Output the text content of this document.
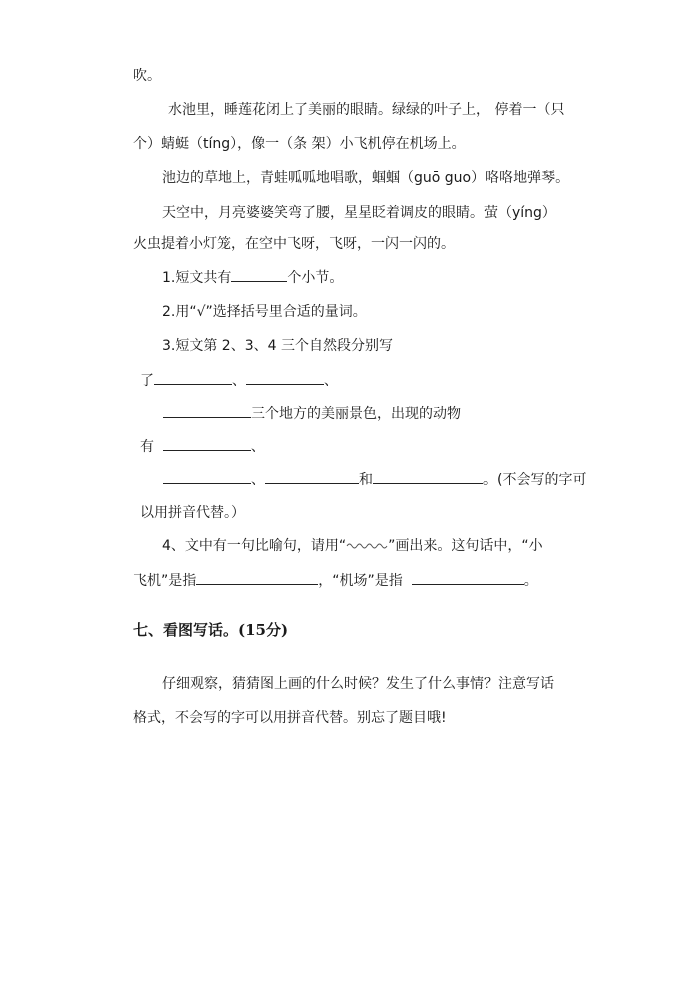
吹。

水池里，睡莲花闭上了美丽的眼睛。绿绿的叶子上， 停着一（只

个）蜻蜓（tíng），像一（条 架）小飞机停在机场上。

池边的草地上，青蛙呱呱地唱歌，蝈蝈（guō guo）咯咯地弹琴。

天空中，月亮婆婆笑弯了腰，星星眨着调皮的眼睛。萤（yíng）

火虫提着小灯笼，在空中飞呀，飞呀，一闪一闪的。

1.短文共有	个小节。

2.用“√”选择括号里合适的量词。

3.短文第 2、3、4 三个自然段分别写

了	、	、

三个地方的美丽景色，出现的动物

有	、

、	和	。(不会写的字可

以用拼音代替。）

4、文中有一句比喻句，请用“	”画出来。这句话中，“小

飞机”是指	，“机场”是指	。

七、看图写话。(15分)

仔细观察，猜猜图上画的什么时候？发生了什么事情？注意写话

格式，不会写的字可以用拼音代替。别忘了题目哦!
